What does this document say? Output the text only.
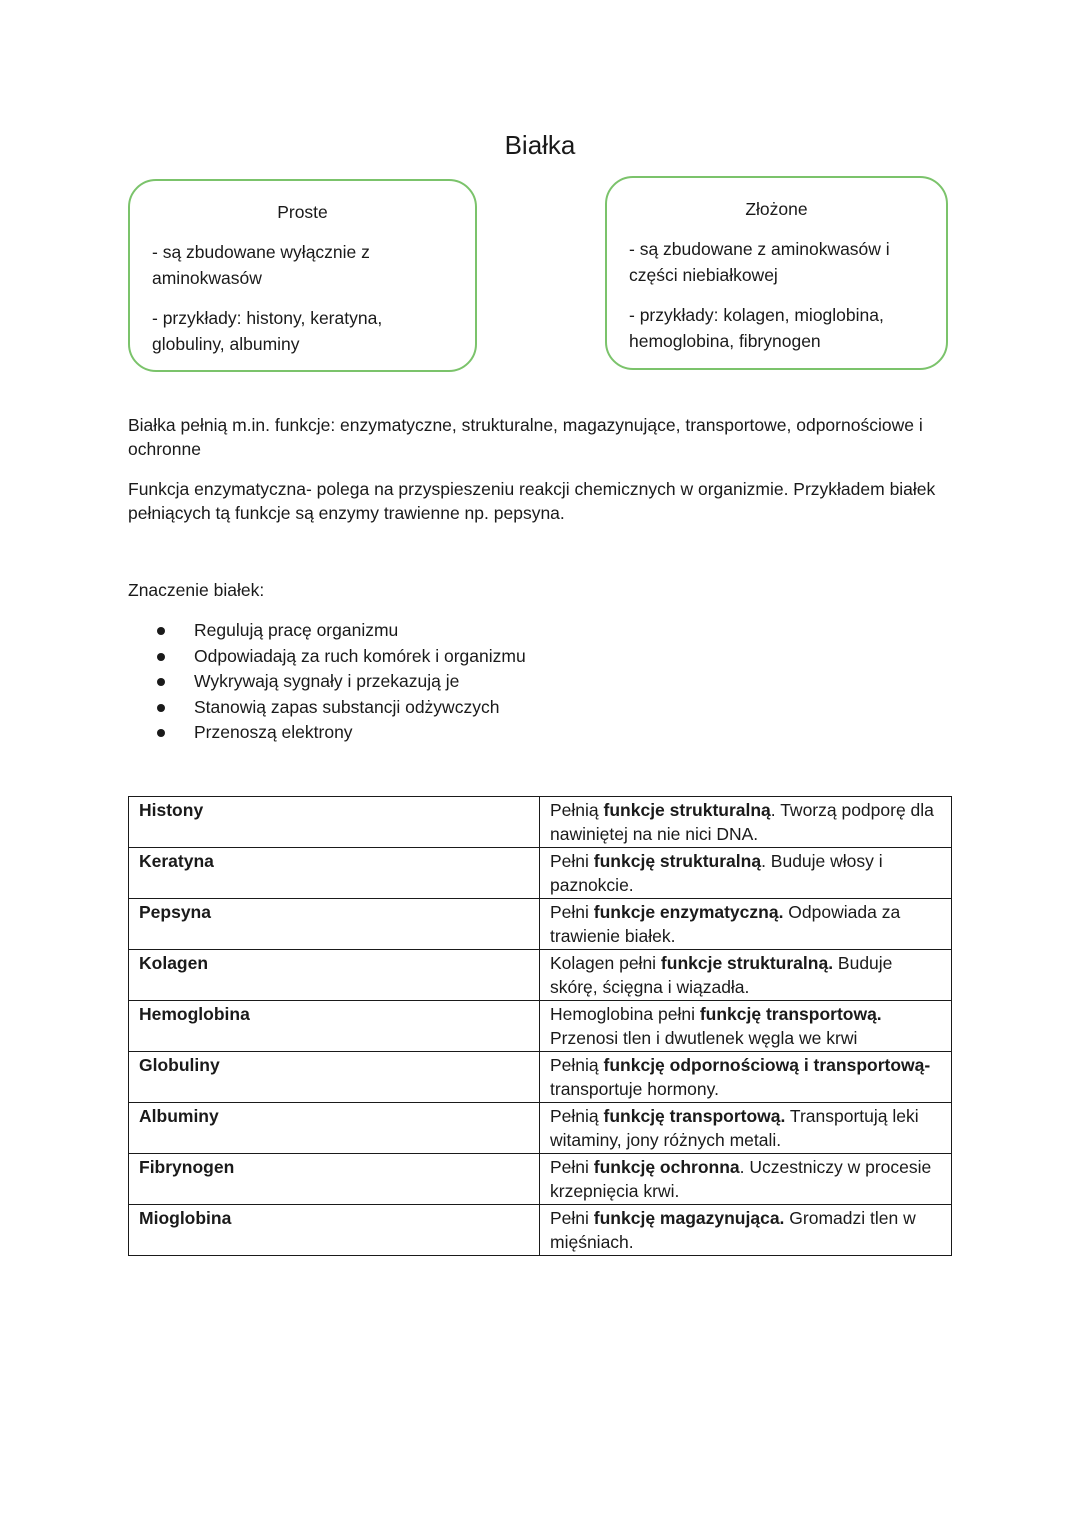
Białka
Proste

- są zbudowane wyłącznie z aminokwasów

- przykłady: histony, keratyna, globuliny, albuminy

Złożone

- są zbudowane z aminokwasów i części niebiałkowej

- przykłady: kolagen, mioglobina, hemoglobina, fibrynogen

Białka pełnią m.in. funkcje: enzymatyczne, strukturalne, magazynujące, transportowe, odpornościowe i ochronne

Funkcja enzymatyczna- polega na przyspieszeniu reakcji chemicznych w organizmie. Przykładem białek pełniących tą funkcje są enzymy trawienne np. pepsyna.

Znaczenie białek:

Regulują pracę organizmu
Odpowiadają za ruch komórek i organizmu
Wykrywają sygnały i przekazują je
Stanowią zapas substancji odżywczych
Przenoszą elektrony
Histony	Pełnią funkcje strukturalną. Tworzą podporę dla nawiniętej na nie nici DNA.
Keratyna	Pełni funkcję strukturalną. Buduje włosy i paznokcie.
Pepsyna	Pełni funkcje enzymatyczną. Odpowiada za trawienie białek.
Kolagen	Kolagen pełni funkcje strukturalną. Buduje skórę, ścięgna i wiązadła.
Hemoglobina	Hemoglobina pełni funkcję transportową. Przenosi tlen i dwutlenek węgla we krwi
Globuliny	Pełnią funkcję odpornościową i transportową- transportuje hormony.
Albuminy	Pełnią funkcję transportową. Transportują leki witaminy, jony różnych metali.
Fibrynogen	Pełni funkcję ochronna. Uczestniczy w procesie krzepnięcia krwi.
Mioglobina	Pełni funkcję magazynująca. Gromadzi tlen w mięśniach.
